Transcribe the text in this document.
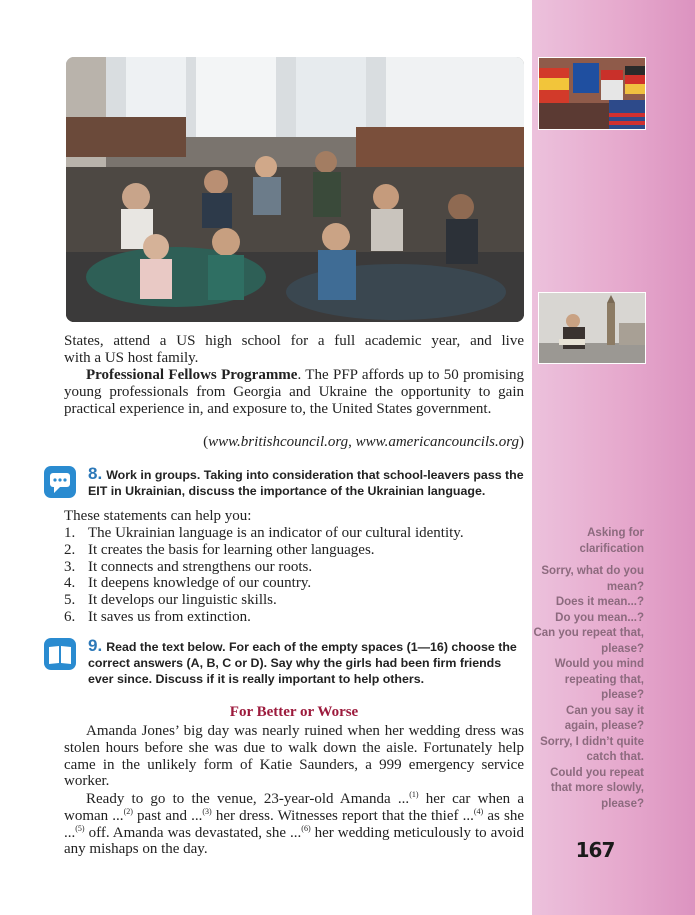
States, attend a US high school for a full academic year, and live
with a US host family.
Professional Fellows Programme. The PFP affords up to 50 promising young professionals from Georgia and Ukraine the opportunity to gain practical experience in, and exposure to, the United States government.
(www.britishcouncil.org, www.americancouncils.org)
8. Work in groups. Taking into consideration that school-leavers pass the EIT in Ukrainian, discuss the importance of the Ukrainian language.
These statements can help you:
1. The Ukrainian language is an indicator of our cultural identity.
2. It creates the basis for learning other languages.
3. It connects and strengthens our roots.
4. It deepens knowledge of our country.
5. It develops our linguistic skills.
6. It saves us from extinction.
9. Read the text below. For each of the empty spaces (1—16) choose the correct answers (A, B, C or D). Say why the girls had been firm friends ever since. Discuss if it is really important to help others.
For Better or Worse
Amanda Jones’ big day was nearly ruined when her wedding dress was stolen hours before she was due to walk down the aisle. Fortunately help came in the unlikely form of Katie Saunders, a 999 emergency service worker.
Ready to go to the venue, 23-year-old Amanda ...$^{(1)}$ her car when a woman ...$^{(2)}$ past and ...$^{(3)}$ her dress. Witnesses report that the thief ...$^{(4)}$ as she ...$^{(5)}$ off. Amanda was devastated, she ...$^{(6)}$ her wedding meticulously to avoid any mishaps on the day.
Asking for clarification
Sorry, what do you mean?
Does it mean...?
Do you mean...?
Can you repeat that, please?
Would you mind repeating that, please?
Can you say it again, please?
Sorry, I didn’t quite catch that.
Could you repeat that more slowly, please?
167
